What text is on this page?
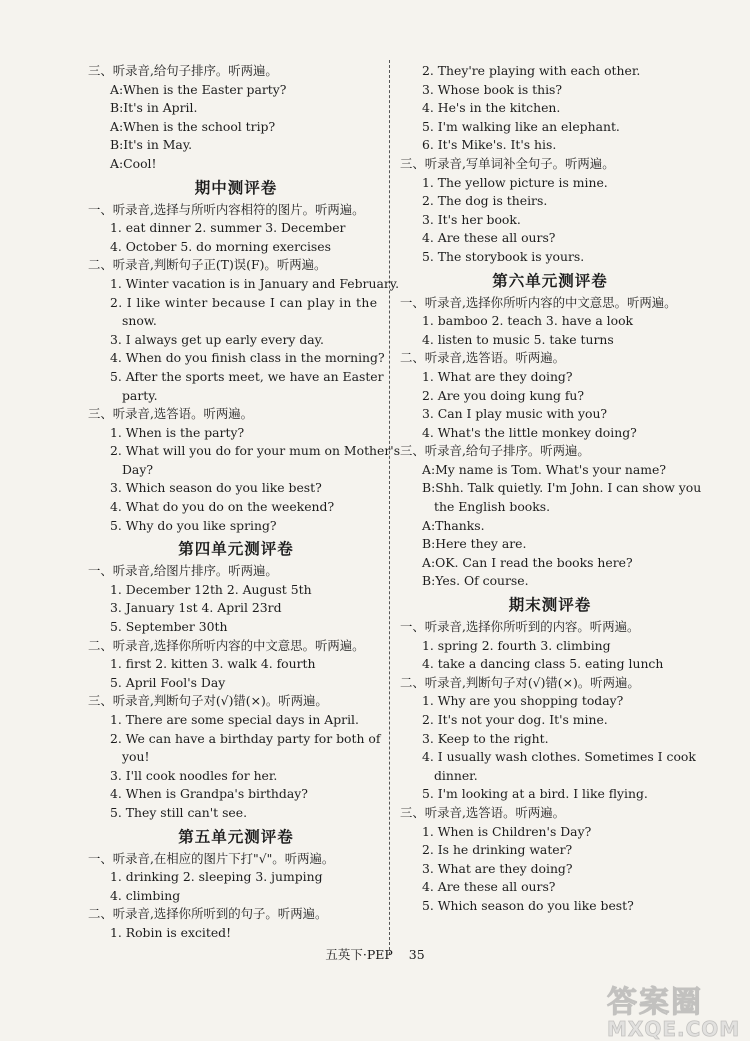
三、听录音,给句子排序。听两遍。
A:When is the Easter party?
B:It's in April.
A:When is the school trip?
B:It's in May.
A:Cool!
期中测评卷
一、听录音,选择与所听内容相符的图片。听两遍。
1. eat dinner 2. summer 3. December
4. October 5. do morning exercises
二、听录音,判断句子正(T)误(F)。听两遍。
1. Winter vacation is in January and February.
2. I like winter because I can play in the
snow.
3. I always get up early every day.
4. When do you finish class in the morning?
5. After the sports meet, we have an Easter
party.
三、听录音,选答语。听两遍。
1. When is the party?
2. What will you do for your mum on Mother's
Day?
3. Which season do you like best?
4. What do you do on the weekend?
5. Why do you like spring?
第四单元测评卷
一、听录音,给图片排序。听两遍。
1. December 12th 2. August 5th
3. January 1st 4. April 23rd
5. September 30th
二、听录音,选择你所听内容的中文意思。听两遍。
1. first 2. kitten 3. walk 4. fourth
5. April Fool's Day
三、听录音,判断句子对(√)错(×)。听两遍。
1. There are some special days in April.
2. We can have a birthday party for both of
you!
3. I'll cook noodles for her.
4. When is Grandpa's birthday?
5. They still can't see.
第五单元测评卷
一、听录音,在相应的图片下打"√"。听两遍。
1. drinking 2. sleeping 3. jumping
4. climbing
二、听录音,选择你所听到的句子。听两遍。
1. Robin is excited!
2. They're playing with each other.
3. Whose book is this?
4. He's in the kitchen.
5. I'm walking like an elephant.
6. It's Mike's. It's his.
三、听录音,写单词补全句子。听两遍。
1. The yellow picture is mine.
2. The dog is theirs.
3. It's her book.
4. Are these all ours?
5. The storybook is yours.
第六单元测评卷
一、听录音,选择你所听内容的中文意思。听两遍。
1. bamboo 2. teach 3. have a look
4. listen to music 5. take turns
二、听录音,选答语。听两遍。
1. What are they doing?
2. Are you doing kung fu?
3. Can I play music with you?
4. What's the little monkey doing?
三、听录音,给句子排序。听两遍。
A:My name is Tom. What's your name?
B:Shh. Talk quietly. I'm John. I can show you
the English books.
A:Thanks.
B:Here they are.
A:OK. Can I read the books here?
B:Yes. Of course.
期末测评卷
一、听录音,选择你所听到的内容。听两遍。
1. spring 2. fourth 3. climbing
4. take a dancing class 5. eating lunch
二、听录音,判断句子对(√)错(×)。听两遍。
1. Why are you shopping today?
2. It's not your dog. It's mine.
3. Keep to the right.
4. I usually wash clothes. Sometimes I cook
dinner.
5. I'm looking at a bird. I like flying.
三、听录音,选答语。听两遍。
1. When is Children's Day?
2. Is he drinking water?
3. What are they doing?
4. Are these all ours?
5. Which season do you like best?
五英下·PEP 35
答案圈
MXQE.COM
